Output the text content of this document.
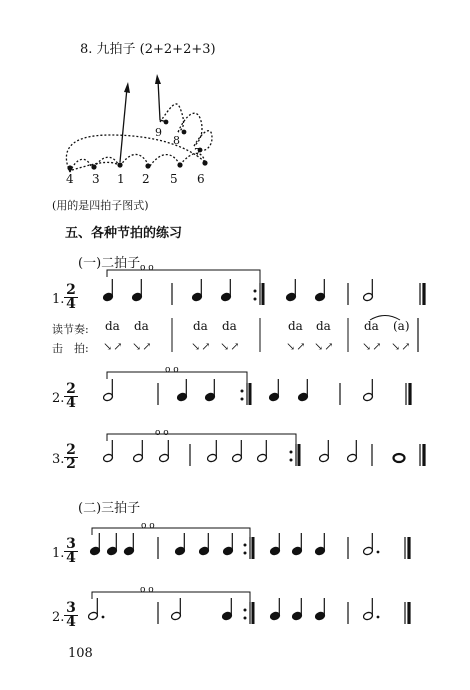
8. 九拍子 (2+2+2+3)
9
8
7
4 3 1 2 5 6
(用的是四拍子图式)
五、各种节拍的练习
(一)二拍子
(二)三拍子
1. $\frac{2}{4}$
2. $\frac{2}{4}$
3. $\frac{2}{2}$
1. $\frac{3}{4}$
2. $\frac{3}{4}$
o o
o o
o o
o o
o o
读节奏:
击　拍:
da da	da da	da da	da (a)
↘↗ ↘↗	↘↗ ↘↗	↘↗ ↘↗	↘↗ ↘↗
108
